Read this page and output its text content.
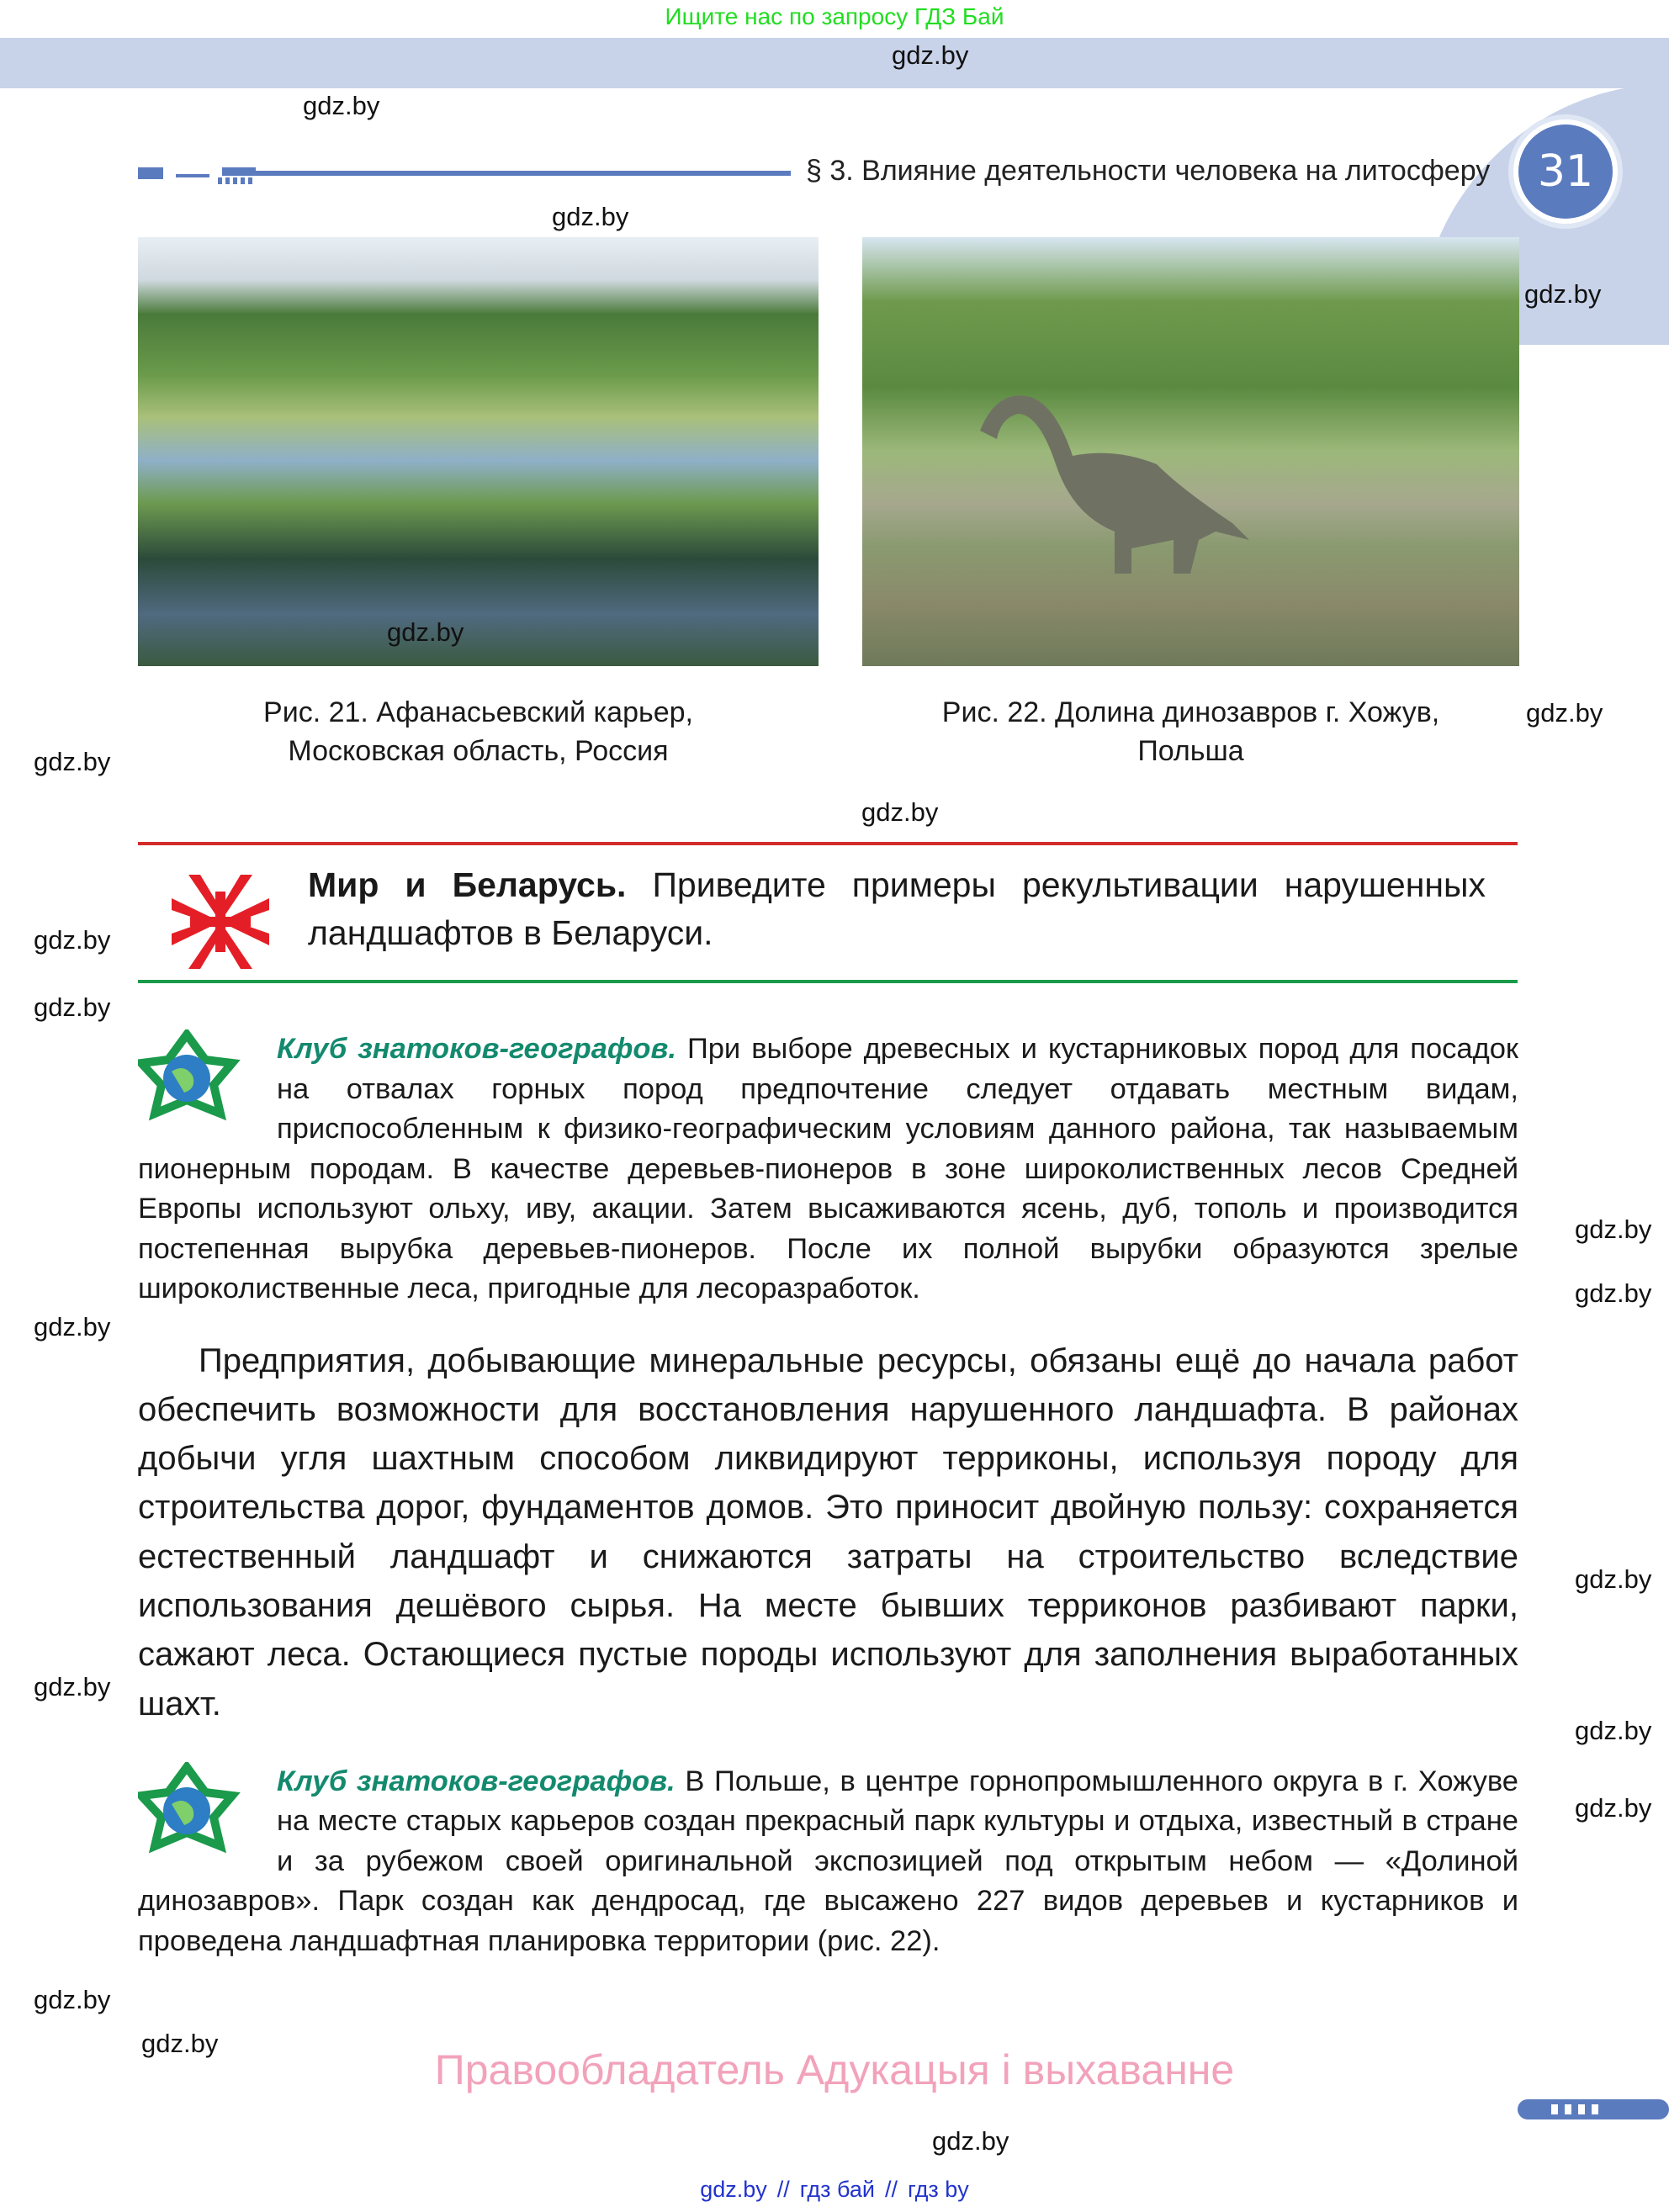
Ищите нас по запросу ГДЗ Бай
§ 3. Влияние деятельности человека на литосферу	31
Рис. 21. Афанасьевский карьер,
Московская область, Россия
Рис. 22. Долина динозавров г. Хожув,
Польша
Мир и Беларусь. Приведите примеры рекультивации нарушенных ландшафтов в Беларуси.
Клуб знатоков-географов. При выборе древесных и кустарниковых пород для посадок на отвалах горных пород предпочтение следует отдавать местным видам, приспособленным к физико-географическим условиям данного района, так называемым пионерным породам. В качестве деревьев-пионеров в зоне широколиственных лесов Средней Европы используют ольху, иву, акации. Затем высаживаются ясень, дуб, тополь и производится постепенная вырубка деревьев-пионеров. После их полной вырубки образуются зрелые широколиственные леса, пригодные для лесоразработок.
Предприятия, добывающие минеральные ресурсы, обязаны ещё до начала работ обеспечить возможности для восстановления нарушенного ландшафта. В районах добычи угля шахтным способом ликвидируют терриконы, используя породу для строительства дорог, фундаментов домов. Это приносит двойную пользу: сохраняется естественный ландшафт и снижаются затраты на строительство вследствие использования дешёвого сырья. На месте бывших терриконов разбивают парки, сажают леса. Остающиеся пустые породы используют для заполнения выработанных шахт.
Клуб знатоков-географов. В Польше, в центре горнопромышленного округа в г. Хожуве на месте старых карьеров создан прекрасный парк культуры и отдыха, известный в стране и за рубежом своей оригинальной экспозицией под открытым небом — «Долиной динозавров». Парк создан как дендросад, где высажено 227 видов деревьев и кустарников и проведена ландшафтная планировка территории (рис. 22).
Правообладатель Адукацыя і выхаванне
gdz.by // гдз бай // гдз by
gdz.by
gdz.by
gdz.by
gdz.by
gdz.by
gdz.by
gdz.by
gdz.by
gdz.by
gdz.by
gdz.by
gdz.by
gdz.by
gdz.by
gdz.by
gdz.by
gdz.by
gdz.by
gdz.by
gdz.by
